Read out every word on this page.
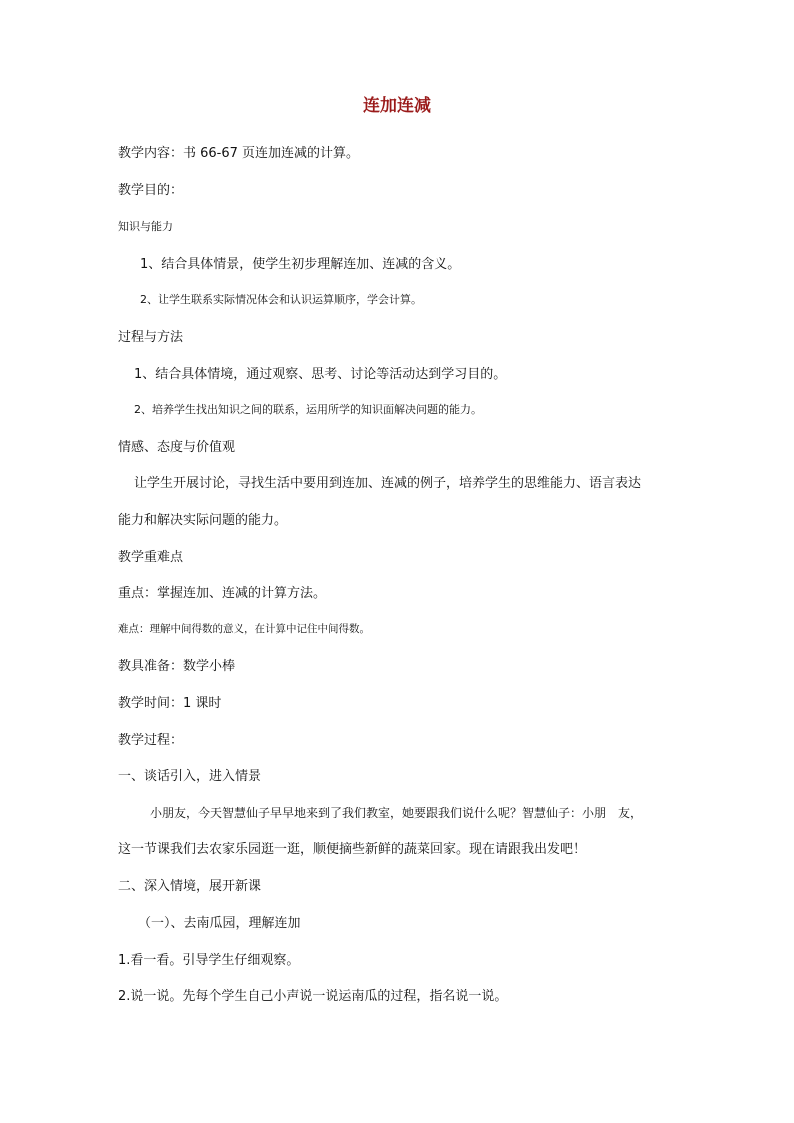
连加连减
教学内容：书 66-67 页连加连减的计算。
教学目的：
知识与能力
1、结合具体情景，使学生初步理解连加、连减的含义。
2、让学生联系实际情况体会和认识运算顺序，学会计算。
过程与方法
1、结合具体情境，通过观察、思考、讨论等活动达到学习目的。
2、培养学生找出知识之间的联系，运用所学的知识面解决问题的能力。
情感、态度与价值观
让学生开展讨论，寻找生活中要用到连加、连减的例子，培养学生的思维能力、语言表达
能力和解决实际问题的能力。
教学重难点
重点：掌握连加、连减的计算方法。
难点：理解中间得数的意义，在计算中记住中间得数。
教具准备：数学小棒
教学时间：1 课时
教学过程：
一、谈话引入，进入情景
小朋友，今天智慧仙子早早地来到了我们教室，她要跟我们说什么呢？智慧仙子：小朋　友，
这一节课我们去农家乐园逛一逛，顺便摘些新鲜的蔬菜回家。现在请跟我出发吧！
二、深入情境，展开新课
（一）、去南瓜园，理解连加
1.看一看。引导学生仔细观察。
2.说一说。先每个学生自己小声说一说运南瓜的过程，指名说一说。
